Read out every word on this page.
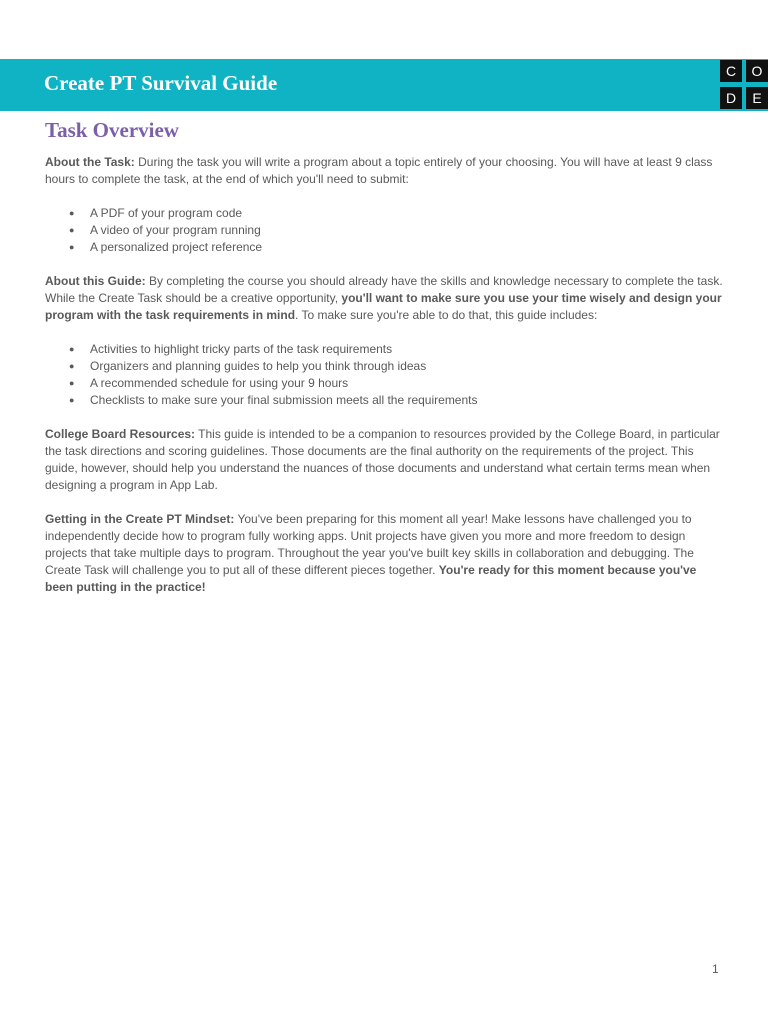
Create PT Survival Guide	C	O
D	E
Task Overview

About the Task: During the task you will write a program about a topic entirely of your choosing. You will have at least 9 class hours to complete the task, at the end of which you'll need to submit:

● A PDF of your program code
● A video of your program running
● A personalized project reference

About this Guide: By completing the course you should already have the skills and knowledge necessary to complete the task. While the Create Task should be a creative opportunity, you'll want to make sure you use your time wisely and design your program with the task requirements in mind. To make sure you're able to do that, this guide includes:

● Activities to highlight tricky parts of the task requirements
● Organizers and planning guides to help you think through ideas
● A recommended schedule for using your 9 hours
● Checklists to make sure your final submission meets all the requirements

College Board Resources: This guide is intended to be a companion to resources provided by the College Board, in particular the task directions and scoring guidelines. Those documents are the final authority on the requirements of the project. This guide, however, should help you understand the nuances of those documents and understand what certain terms mean when designing a program in App Lab.

Getting in the Create PT Mindset: You've been preparing for this moment all year! Make lessons have challenged you to independently decide how to program fully working apps. Unit projects have given you more and more freedom to design projects that take multiple days to program. Throughout the year you've built key skills in collaboration and debugging. The Create Task will challenge you to put all of these different pieces together. You're ready for this moment because you've been putting in the practice!

1
